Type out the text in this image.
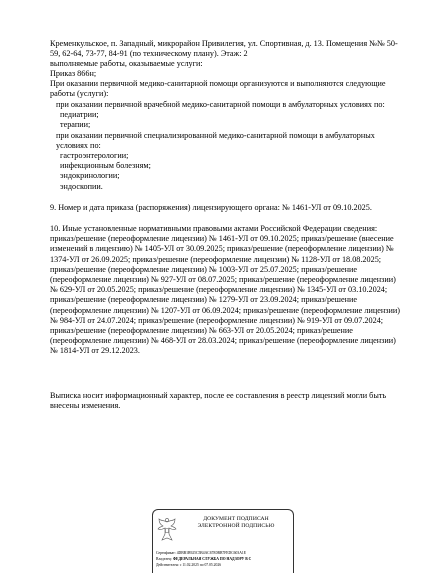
Кременкульское, п. Западный, микрорайон Привилегия, ул. Спортивная, д. 13. Помещения №№ 50-59, 62-64, 73-77, 84-91 (по техническому плану). Этаж: 2
выполняемые работы, оказываемые услуги:
Приказ 866н;
При оказании первичной медико-санитарной помощи организуются и выполняются следующие работы (услуги):
при оказании первичной врачебной медико-санитарной помощи в амбулаторных условиях по:
педиатрии;
терапии;
при оказании первичной специализированной медико-санитарной помощи в амбулаторных условиях по:
гастроэнтерологии;
инфекционным болезням;
эндокринологии;
эндоскопии.
9. Номер и дата приказа (распоряжения) лицензирующего органа: № 1461-УЛ от 09.10.2025.
10. Иные установленные нормативными правовыми актами Российской Федерации сведения: приказ/решение (переоформление лицензии) № 1461-УЛ от 09.10.2025; приказ/решение (внесение изменений в лицензию) № 1405-УЛ от 30.09.2025; приказ/решение (переоформление лицензии) № 1374-УЛ от 26.09.2025; приказ/решение (переоформление лицензии) № 1128-УЛ от 18.08.2025; приказ/решение (переоформление лицензии) № 1003-УЛ от 25.07.2025; приказ/решение (переоформление лицензии) № 927-УЛ от 08.07.2025; приказ/решение (переоформление лицензии) № 629-УЛ от 20.05.2025; приказ/решение (переоформление лицензии) № 1345-УЛ от 03.10.2024; приказ/решение (переоформление лицензии) № 1279-УЛ от 23.09.2024; приказ/решение (переоформление лицензии) № 1207-УЛ от 06.09.2024; приказ/решение (переоформление лицензии) № 984-УЛ от 24.07.2024; приказ/решение (переоформление лицензии) № 919-УЛ от 09.07.2024; приказ/решение (переоформление лицензии) № 663-УЛ от 20.05.2024; приказ/решение (переоформление лицензии) № 468-УЛ от 28.03.2024; приказ/решение (переоформление лицензии) № 1814-УЛ от 29.12.2023.
Выписка носит информационный характер, после ее составления в реестр лицензий могли быть внесены изменения.
ДОКУМЕНТ ПОДПИСАН
ЭЛЕКТРОННОЙ ПОДПИСЬЮ
Сертификат: 4DBB1B925C5B4AC67E0BB7FEDC603A1E
Владелец: ФЕДЕРАЛЬНАЯ СЛУЖБА ПО НАДЗОРУ В С
Действителен: с 11.02.2025 по 07.05.2026
